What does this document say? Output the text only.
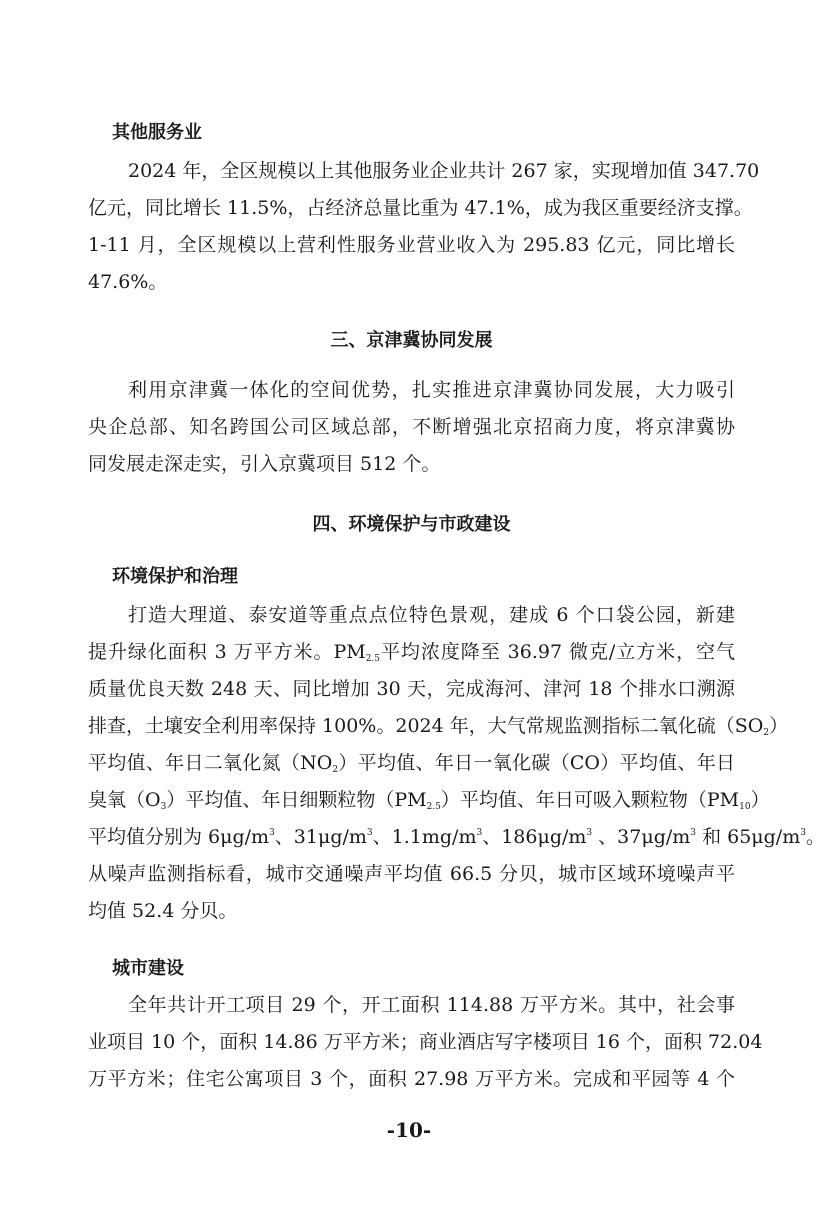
其他服务业
2024 年，全区规模以上其他服务业企业共计 267 家，实现增加值 347.70
亿元，同比增长 11.5%，占经济总量比重为 47.1%，成为我区重要经济支撑。
1-11 月，全区规模以上营利性服务业营业收入为 295.83 亿元，同比增长
47.6%。
三、京津冀协同发展
利用京津冀一体化的空间优势，扎实推进京津冀协同发展，大力吸引
央企总部、知名跨国公司区域总部，不断增强北京招商力度，将京津冀协
同发展走深走实，引入京冀项目 512 个。
四、环境保护与市政建设
环境保护和治理
打造大理道、泰安道等重点点位特色景观，建成 6 个口袋公园，新建
提升绿化面积 3 万平方米。$PM_{2.5}$平均浓度降至 36.97 微克/立方米，空气
质量优良天数 248 天、同比增加 30 天，完成海河、津河 18 个排水口溯源
排查，土壤安全利用率保持 100%。2024 年，大气常规监测指标二氧化硫$(SO_2)$
平均值、年日二氧化氮$(NO_2)$平均值、年日一氧化碳（CO）平均值、年日
臭氧$(O_3)$平均值、年日细颗粒物$(PM_{2.5})$平均值、年日可吸入颗粒物$(PM_{10})$
平均值分别为 $6\mu g/m^3$、$31\mu g/m^3$、$1.1mg/m^3$、$186\mu g/m^3$ 、$37\mu g/m^3$ 和 $65\mu g/m^3$。
从噪声监测指标看，城市交通噪声平均值 66.5 分贝，城市区域环境噪声平
均值 52.4 分贝。
城市建设
全年共计开工项目 29 个，开工面积 114.88 万平方米。其中，社会事
业项目 10 个，面积 14.86 万平方米；商业酒店写字楼项目 16 个，面积 72.04
万平方米；住宅公寓项目 3 个，面积 27.98 万平方米。完成和平园等 4 个
-10-
